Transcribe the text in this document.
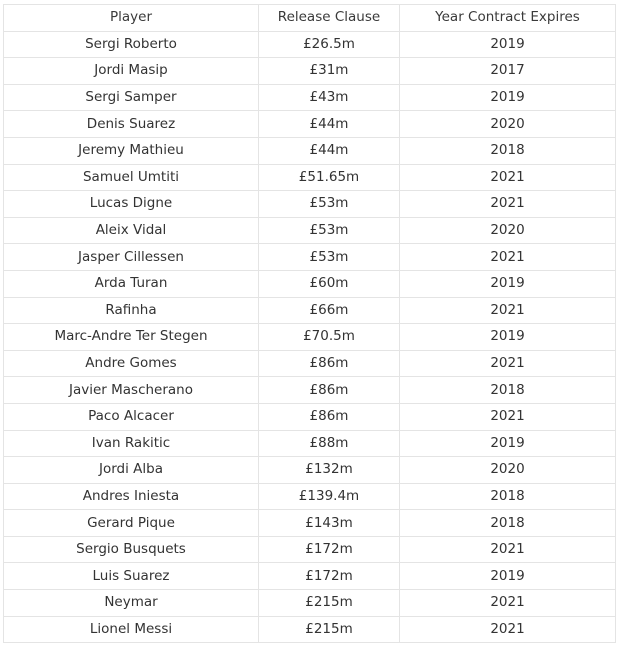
Player	Release Clause	Year Contract Expires
Sergi Roberto	£26.5m	2019
Jordi Masip	£31m	2017
Sergi Samper	£43m	2019
Denis Suarez	£44m	2020
Jeremy Mathieu	£44m	2018
Samuel Umtiti	£51.65m	2021
Lucas Digne	£53m	2021
Aleix Vidal	£53m	2020
Jasper Cillessen	£53m	2021
Arda Turan	£60m	2019
Rafinha	£66m	2021
Marc-Andre Ter Stegen	£70.5m	2019
Andre Gomes	£86m	2021
Javier Mascherano	£86m	2018
Paco Alcacer	£86m	2021
Ivan Rakitic	£88m	2019
Jordi Alba	£132m	2020
Andres Iniesta	£139.4m	2018
Gerard Pique	£143m	2018
Sergio Busquets	£172m	2021
Luis Suarez	£172m	2019
Neymar	£215m	2021
Lionel Messi	£215m	2021
